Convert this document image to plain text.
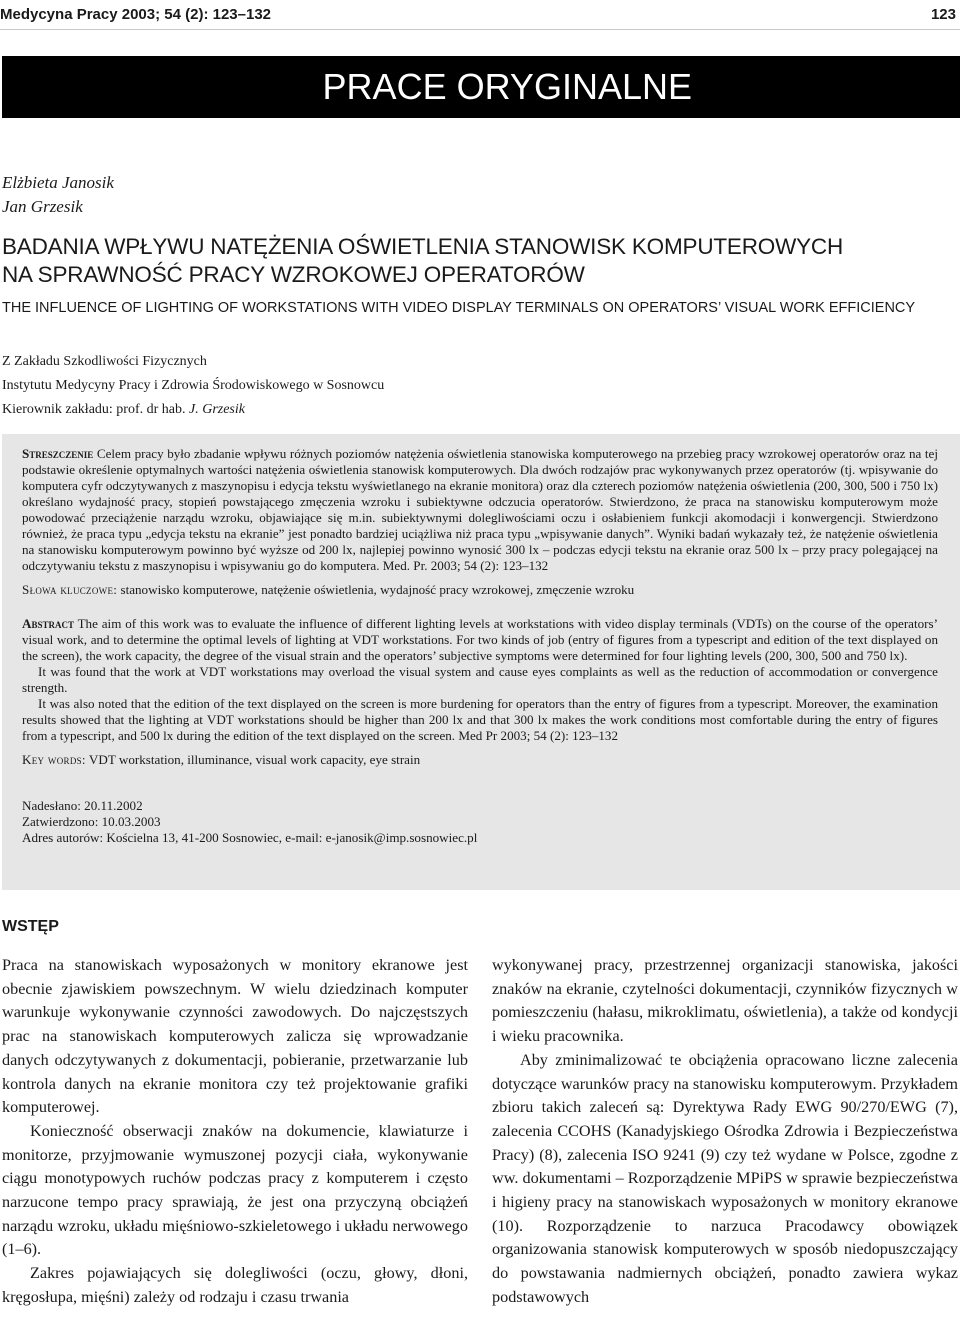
Medycyna Pracy 2003; 54 (2): 123–132	123
PRACE ORYGINALNE
Elżbieta Janosik
Jan Grzesik
BADANIA WPŁYWU NATĘŻENIA OŚWIETLENIA STANOWISK KOMPUTEROWYCH
NA SPRAWNOŚĆ PRACY WZROKOWEJ OPERATORÓW
THE INFLUENCE OF LIGHTING OF WORKSTATIONS WITH VIDEO DISPLAY TERMINALS ON OPERATORS’ VISUAL WORK EFFICIENCY
Z Zakładu Szkodliwości Fizycznych
Instytutu Medycyny Pracy i Zdrowia Środowiskowego w Sosnowcu
Kierownik zakładu: prof. dr hab. J. Grzesik

Streszczenie Celem pracy było zbadanie wpływu różnych poziomów natężenia oświetlenia stanowiska komputerowego na przebieg pracy wzrokowej operatorów oraz na tej podstawie określenie optymalnych wartości natężenia oświetlenia stanowisk komputerowych. Dla dwóch rodzajów prac wykonywanych przez operatorów (tj. wpisywanie do komputera cyfr odczytywanych z maszynopisu i edycja tekstu wyświetlanego na ekranie monitora) oraz dla czterech poziomów natężenia oświetlenia (200, 300, 500 i 750 lx) określano wydajność pracy, stopień powstającego zmęczenia wzroku i subiektywne odczucia operatorów. Stwierdzono, że praca na stanowisku komputerowym może powodować przeciążenie narządu wzroku, objawiające się m.in. subiektywnymi dolegliwościami oczu i osłabieniem funkcji akomodacji i konwergencji. Stwierdzono również, że praca typu „edycja tekstu na ekranie” jest ponadto bardziej uciążliwa niż praca typu „wpisywanie danych”. Wyniki badań wykazały też, że natężenie oświetlenia na stanowisku komputerowym powinno być wyższe od 200 lx, najlepiej powinno wynosić 300 lx – podczas edycji tekstu na ekranie oraz 500 lx – przy pracy polegającej na odczytywaniu tekstu z maszynopisu i wpisywaniu go do komputera. Med. Pr. 2003; 54 (2): 123–132

Słowa kluczowe: stanowisko komputerowe, natężenie oświetlenia, wydajność pracy wzrokowej, zmęczenie wzroku

Abstract The aim of this work was to evaluate the influence of different lighting levels at workstations with video display terminals (VDTs) on the course of the operators’ visual work, and to determine the optimal levels of lighting at VDT workstations. For two kinds of job (entry of figures from a typescript and edition of the text displayed on the screen), the work capacity, the degree of the visual strain and the operators’ subjective symptoms were determined for four lighting levels (200, 300, 500 and 750 lx).

It was found that the work at VDT workstations may overload the visual system and cause eyes complaints as well as the reduction of accommodation or convergence strength.

It was also noted that the edition of the text displayed on the screen is more burdening for operators than the entry of figures from a typescript. Moreover, the examination results showed that the lighting at VDT workstations should be higher than 200 lx and that 300 lx makes the work conditions most comfortable during the entry of figures from a typescript, and 500 lx during the edition of the text displayed on the screen. Med Pr 2003; 54 (2): 123–132

Key words: VDT workstation, illuminance, visual work capacity, eye strain

Nadesłano: 20.11.2002

Zatwierdzono: 10.03.2003

Adres autorów: Kościelna 13, 41-200 Sosnowiec, e-mail: e-janosik@imp.sosnowiec.pl

WSTĘP

Praca na stanowiskach wyposażonych w monitory ekranowe jest obecnie zjawiskiem powszechnym. W wielu dziedzinach komputer warunkuje wykonywanie czynności zawodowych. Do najczęstszych prac na stanowiskach komputerowych zalicza się wprowadzanie danych odczytywanych z dokumentacji, pobieranie, przetwarzanie lub kontrola danych na ekranie monitora czy też projektowanie grafiki komputerowej.

Konieczność obserwacji znaków na dokumencie, klawiaturze i monitorze, przyjmowanie wymuszonej pozycji ciała, wykonywanie ciągu monotypowych ruchów podczas pracy z komputerem i często narzucone tempo pracy sprawiają, że jest ona przyczyną obciążeń narządu wzroku, układu mięśniowo-szkieletowego i układu nerwowego (1–6).

Zakres pojawiających się dolegliwości (oczu, głowy, dłoni, kręgosłupa, mięśni) zależy od rodzaju i czasu trwania

wykonywanej pracy, przestrzennej organizacji stanowiska, jakości znaków na ekranie, czytelności dokumentacji, czynników fizycznych w pomieszczeniu (hałasu, mikroklimatu, oświetlenia), a także od kondycji i wieku pracownika.

Aby zminimalizować te obciążenia opracowano liczne zalecenia dotyczące warunków pracy na stanowisku komputerowym. Przykładem zbioru takich zaleceń są: Dyrektywa Rady EWG 90/270/EWG (7), zalecenia CCOHS (Kanadyjskiego Ośrodka Zdrowia i Bezpieczeństwa Pracy) (8), zalecenia ISO 9241 (9) czy też wydane w Polsce, zgodne z ww. dokumentami – Rozporządzenie MPiPS w sprawie bezpieczeństwa i higieny pracy na stanowiskach wyposażonych w monitory ekranowe (10). Rozporządzenie to narzuca Pracodawcy obowiązek organizowania stanowisk komputerowych w sposób niedopuszczający do powstawania nadmiernych obciążeń, ponadto zawiera wykaz podstawowych
